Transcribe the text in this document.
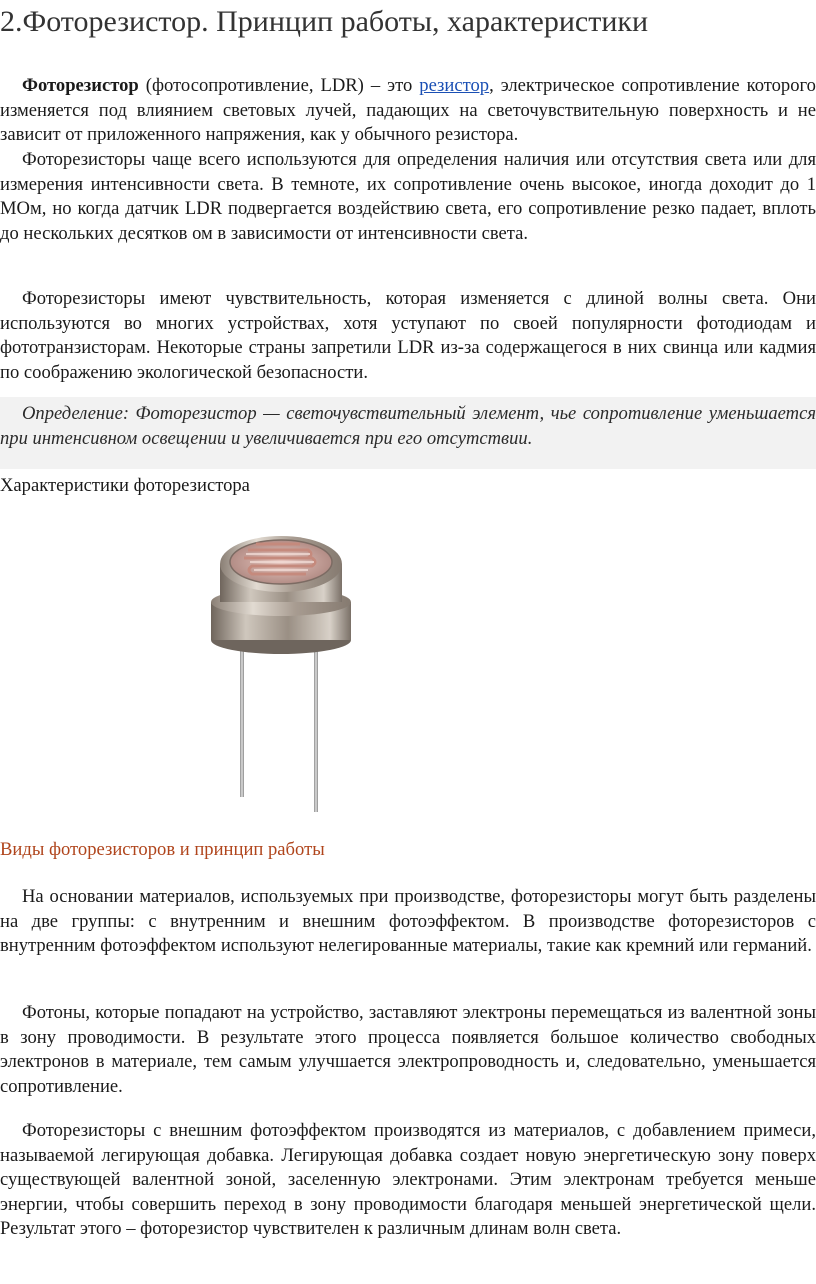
2.Фоторезистор. Принцип работы, характеристики

Фоторезистор (фотосопротивление, LDR) – это резистор, электрическое сопротивление которого изменяется под влиянием световых лучей, падающих на светочувствительную поверхность и не зависит от приложенного напряжения, как у обычного резистора.

Фоторезисторы чаще всего используются для определения наличия или отсутствия света или для измерения интенсивности света. В темноте, их сопротивление очень высокое, иногда доходит до 1 МОм, но когда датчик LDR подвергается воздействию света, его сопротивление резко падает, вплоть до нескольких десятков ом в зависимости от интенсивности света.

Фоторезисторы имеют чувствительность, которая изменяется с длиной волны света. Они используются во многих устройствах, хотя уступают по своей популярности фотодиодам и фототранзисторам. Некоторые страны запретили LDR из-за содержащегося в них свинца или кадмия по соображению экологической безопасности.

Определение: Фоторезистор — светочувствительный элемент, чье сопротивление уменьшается при интенсивном освещении и увеличивается при его отсутствии.

Характеристики фоторезистора
Виды фоторезисторов и принцип работы

На основании материалов, используемых при производстве, фоторезисторы могут быть разделены на две группы: с внутренним и внешним фотоэффектом. В производстве фоторезисторов с внутренним фотоэффектом используют нелегированные материалы, такие как кремний или германий.

Фотоны, которые попадают на устройство, заставляют электроны перемещаться из валентной зоны в зону проводимости. В результате этого процесса появляется большое количество свободных электронов в материале, тем самым улучшается электропроводность и, следовательно, уменьшается сопротивление.

Фоторезисторы с внешним фотоэффектом производятся из материалов, с добавлением примеси, называемой легирующая добавка. Легирующая добавка создает новую энергетическую зону поверх существующей валентной зоной, заселенную электронами. Этим электронам требуется меньше энергии, чтобы совершить переход в зону проводимости благодаря меньшей энергетической щели. Результат этого – фоторезистор чувствителен к различным длинам волн света.
